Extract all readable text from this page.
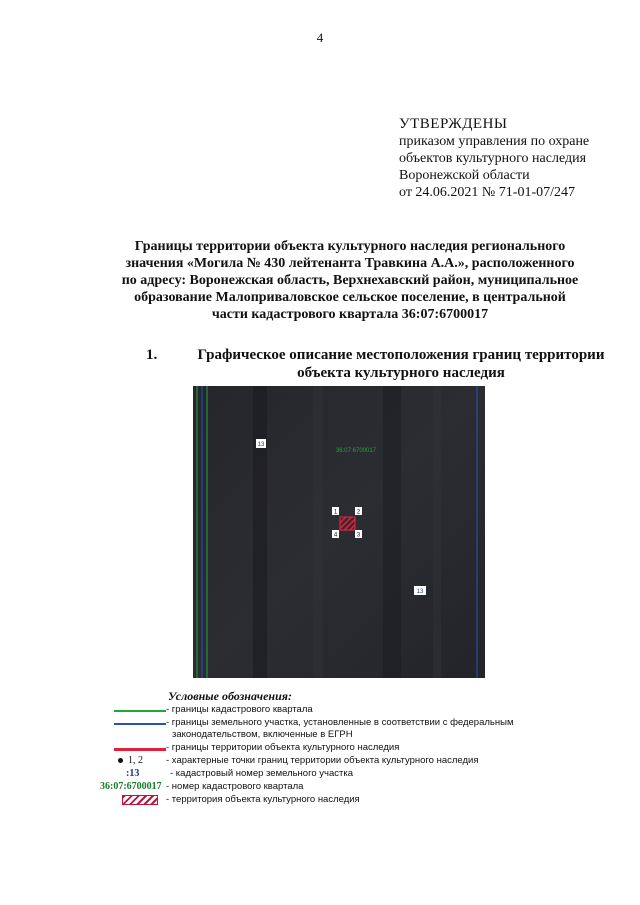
4
УТВЕРЖДЕНЫ
приказом управления по охране
объектов культурного наследия
Воронежской области
от 24.06.2021 № 71-01-07/247
Границы территории объекта культурного наследия регионального
значения «Могила № 430 лейтенанта Травкина А.А.», расположенного
по адресу: Воронежская область, Верхнехавский район, муниципальное
образование Малоприваловское сельское поселение, в центральной
части кадастрового квартала 36:07:6700017
1.	Графическое описание местоположения границ территории
объекта культурного наследия
13
13
36:07:6700017
1	2
3
4
Условные обозначения:
- границы кадастрового квартала
- границы земельного участка, установленные в соответствии с федеральным
законодательством, включенные в ЕГРН
- границы территории объекта культурного наследия
1, 2 - характерные точки границ территории объекта культурного наследия
:13	- кадастровый номер земельного участка
36:07:6700017 - номер кадастрового квартала
- территория объекта культурного наследия
